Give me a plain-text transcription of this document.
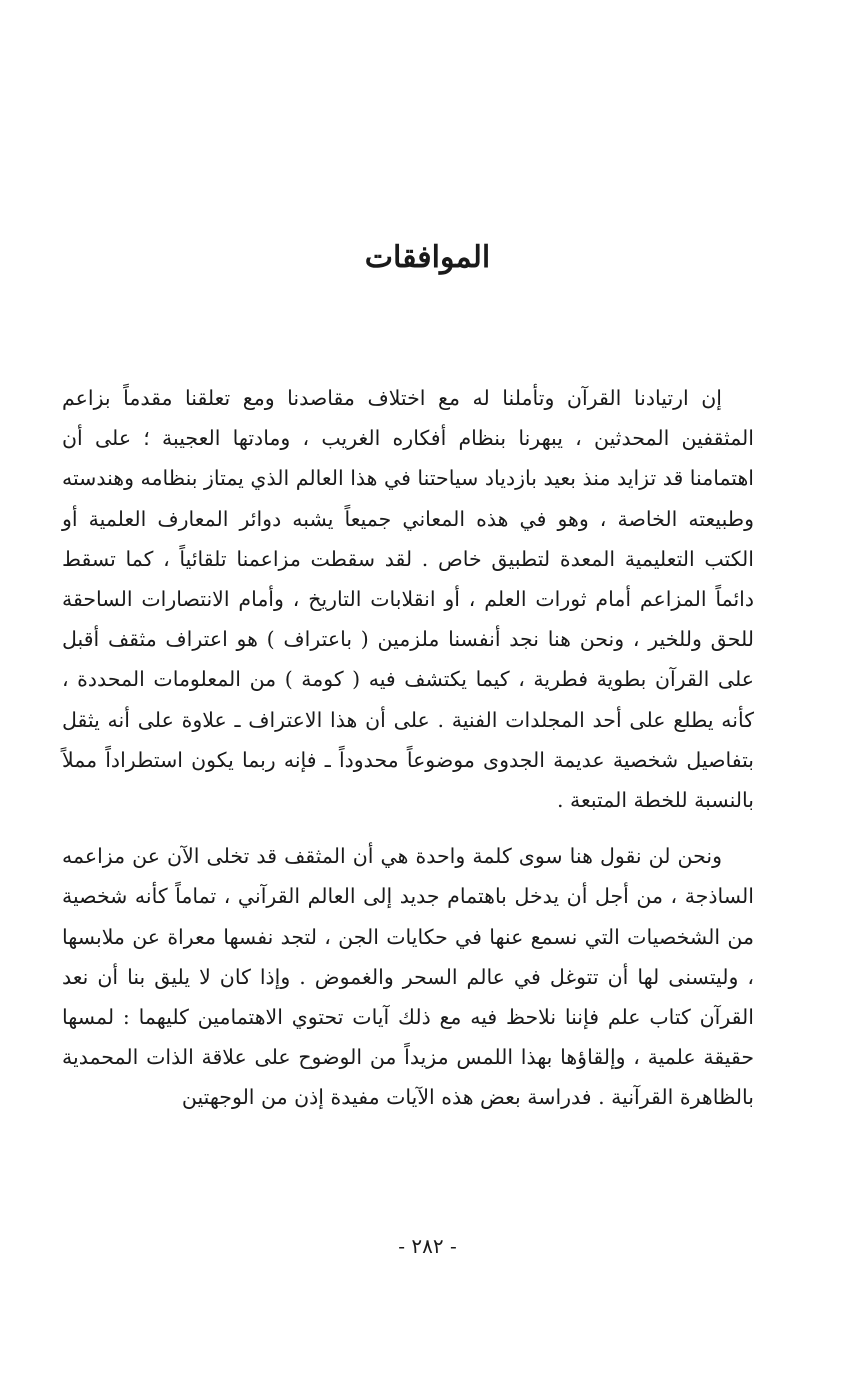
الموافقات

إن ارتيادنا القرآن وتأملنا له مع اختلاف مقاصدنا ومع تعلقنا مقدماً بزاعم المثقفين المحدثين ، يبهرنا بنظام أفكاره الغريب ، ومادتها العجيبة ؛ على أن اهتمامنا قد تزايد منذ بعيد بازدياد سياحتنا في هذا العالم الذي يمتاز بنظامه وهندسته وطبيعته الخاصة ، وهو في هذه المعاني جميعاً يشبه دوائر المعارف العلمية أو الكتب التعليمية المعدة لتطبيق خاص . لقد سقطت مزاعمنا تلقائياً ، كما تسقط دائماً المزاعم أمام ثورات العلم ، أو انقلابات التاريخ ، وأمام الانتصارات الساحقة للحق وللخير ، ونحن هنا نجد أنفسنا ملزمين ( باعتراف ) هو اعتراف مثقف أقبل على القرآن بطوية فطرية ، كيما يكتشف فيه ( كومة ) من المعلومات المحددة ، كأنه يطلع على أحد المجلدات الفنية . على أن هذا الاعتراف ـ علاوة على أنه يثقل بتفاصيل شخصية عديمة الجدوى موضوعاً محدوداً ـ فإنه ربما يكون استطراداً مملاً بالنسبة للخطة المتبعة .

ونحن لن نقول هنا سوى كلمة واحدة هي أن المثقف قد تخلى الآن عن مزاعمه الساذجة ، من أجل أن يدخل باهتمام جديد إلى العالم القرآني ، تماماً كأنه شخصية من الشخصيات التي نسمع عنها في حكايات الجن ، لتجد نفسها معراة عن ملابسها ، وليتسنى لها أن تتوغل في عالم السحر والغموض . وإذا كان لا يليق بنا أن نعد القرآن كتاب علم فإننا نلاحظ فيه مع ذلك آيات تحتوي الاهتمامين كليهما : لمسها حقيقة علمية ، وإلقاؤها بهذا اللمس مزيداً من الوضوح على علاقة الذات المحمدية بالظاهرة القرآنية . فدراسة بعض هذه الآيات مفيدة إذن من الوجهتين

- ٢٨٢ -
